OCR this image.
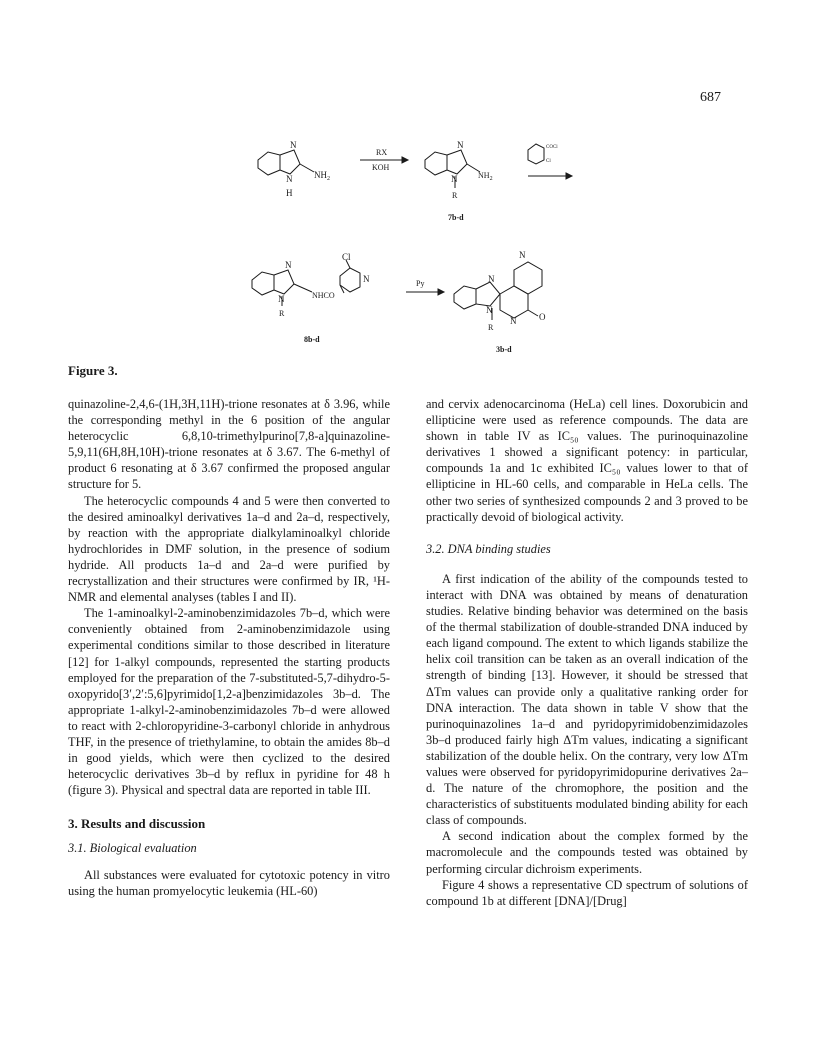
687
N
N
H
$NH_2$
RX
KOH
N
N
R
$NH_2$
7b-d
COCl
Cl
N
N
R
NHCO
Cl
N
8b-d
Py
N
N
N
N	O
R
3b-d
Figure 3.

quinazoline-2,4,6-(1H,3H,11H)-trione resonates at δ 3.96, while the corresponding methyl in the 6 position of the angular heterocyclic 6,8,10-trimethylpurino[7,8-a]quinazoline-5,9,11(6H,8H,10H)-trione resonates at δ 3.67. The 6-methyl of product 6 resonating at δ 3.67 confirmed the proposed angular structure for 5.

The heterocyclic compounds 4 and 5 were then converted to the desired aminoalkyl derivatives 1a–d and 2a–d, respectively, by reaction with the appropriate dialkylaminoalkyl chloride hydrochlorides in DMF solution, in the presence of sodium hydride. All products 1a–d and 2a–d were purified by recrystallization and their structures were confirmed by IR, ¹H-NMR and elemental analyses (tables I and II).

The 1-aminoalkyl-2-aminobenzimidazoles 7b–d, which were conveniently obtained from 2-aminobenzimidazole using experimental conditions similar to those described in literature [12] for 1-alkyl compounds, represented the starting products employed for the preparation of the 7-substituted-5,7-dihydro-5-oxopyrido[3′,2′:5,6]pyrimido[1,2-a]benzimidazoles 3b–d. The appropriate 1-alkyl-2-aminobenzimidazoles 7b–d were allowed to react with 2-chloropyridine-3-carbonyl chloride in anhydrous THF, in the presence of triethylamine, to obtain the amides 8b–d in good yields, which were then cyclized to the desired heterocyclic derivatives 3b–d by reflux in pyridine for 48 h (figure 3). Physical and spectral data are reported in table III.

3. Results and discussion
3.1. Biological evaluation

All substances were evaluated for cytotoxic potency in vitro using the human promyelocytic leukemia (HL-60)

and cervix adenocarcinoma (HeLa) cell lines. Doxorubicin and ellipticine were used as reference compounds. The data are shown in table IV as IC₅₀ values. The purinoquinazoline derivatives 1 showed a significant potency: in particular, compounds 1a and 1c exhibited IC₅₀ values lower to that of ellipticine in HL-60 cells, and comparable in HeLa cells. The other two series of synthesized compounds 2 and 3 proved to be practically devoid of biological activity.

3.2. DNA binding studies

A first indication of the ability of the compounds tested to interact with DNA was obtained by means of denaturation studies. Relative binding behavior was determined on the basis of the thermal stabilization of double-stranded DNA induced by each ligand compound. The extent to which ligands stabilize the helix coil transition can be taken as an overall indication of the strength of binding [13]. However, it should be stressed that ΔTm values can provide only a qualitative ranking order for DNA interaction. The data shown in table V show that the purinoquinazolines 1a–d and pyridopyrimidobenzimidazoles 3b–d produced fairly high ΔTm values, indicating a significant stabilization of the double helix. On the contrary, very low ΔTm values were observed for pyridopyrimidopurine derivatives 2a–d. The nature of the chromophore, the position and the characteristics of substituents modulated binding ability for each class of compounds.

A second indication about the complex formed by the macromolecule and the compounds tested was obtained by performing circular dichroism experiments.

Figure 4 shows a representative CD spectrum of solutions of compound 1b at different [DNA]/[Drug]
